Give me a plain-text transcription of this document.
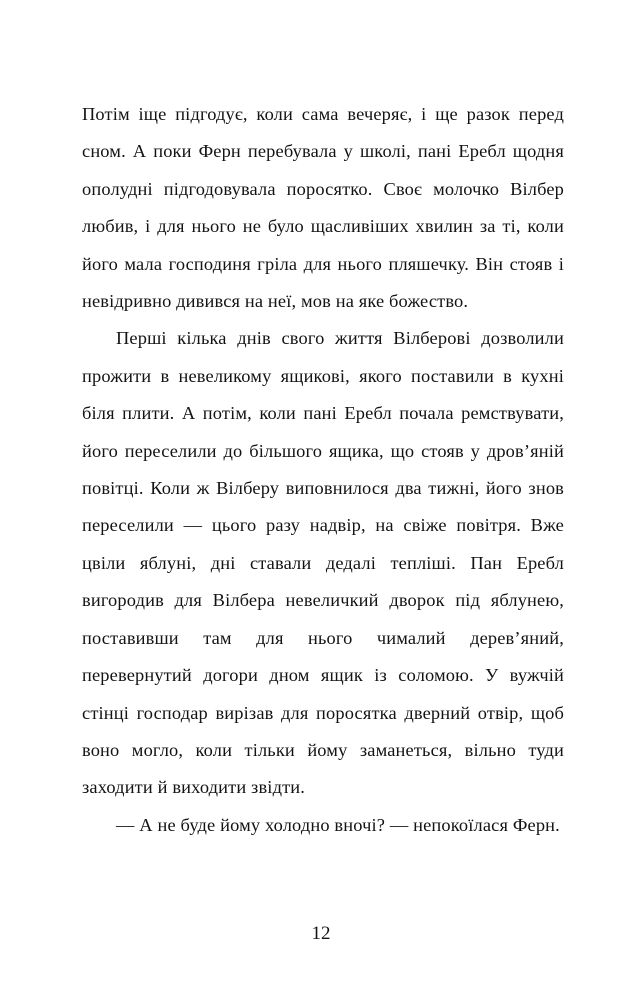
Потім іще підгодує, коли сама вечеряє, і ще разок перед сном. А поки Ферн перебувала у школі, пані Еребл щодня ополудні підгодовувала поросятко. Своє молочко Вілбер любив, і для нього не було щасливіших хвилин за ті, коли його мала господиня гріла для нього пляшечку. Він стояв і невідривно дивився на неї, мов на яке божество.

Перші кілька днів свого життя Вілберові дозволили прожити в невеликому ящикові, якого поставили в кухні біля плити. А потім, коли пані Еребл почала ремствувати, його переселили до більшого ящика, що стояв у дров’яній повітці. Коли ж Вілберу виповнилося два тижні, його знов переселили — цього разу надвір, на свіже повітря. Вже цвіли яблуні, дні ставали дедалі тепліші. Пан Еребл вигородив для Вілбера невеличкий дворок під яблунею, поставивши там для нього чималий дерев’яний, перевернутий догори дном ящик із соломою. У вужчій стінці господар вирізав для поросятка дверний отвір, щоб воно могло, коли тільки йому заманеться, вільно туди заходити й виходити звідти.

— А не буде йому холодно вночі? — непокоїлася Ферн.

12
